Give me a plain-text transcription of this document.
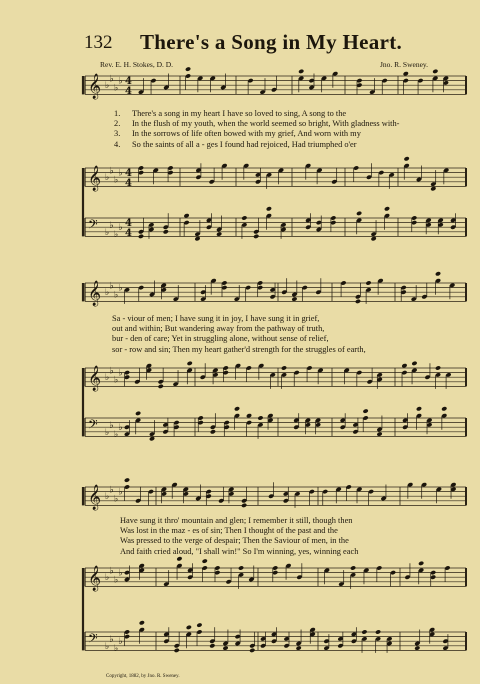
132 There's a Song in My Heart.
Rev. E. H. Stokes, D. D.	Jno. R. Sweney.
𝄞 ♭
♭
♭
♭ 4
4
𝄞 ♭
♭
♭
♭ 4
4
𝄢 ♭
♭
♭
♭ 4
4
𝄞 ♭
♭
♭
♭
𝄞 ♭
♭
♭
♭
𝄢 ♭
♭
♭
♭
𝄞 ♭
♭
♭
♭
𝄞 ♭
♭
♭
♭
𝄢 ♭
♭
♭
♭
1. There's a song in my heart I have so loved to sing, A song to the
2. In the flush of my youth, when the world seemed so bright, With gladness with-
3. In the sorrows of life often bowed with my grief, And worn with my
4. So the saints of all a - ges I found had rejoiced, Had triumphed o'er
Sa - viour of men; I have sung it in joy, I have sung it in grief,
out and within; But wandering away from the pathway of truth,
bur - den of care; Yet in struggling alone, without sense of relief,
sor - row and sin; Then my heart gather'd strength for the struggles of earth,
Have sung it thro' mountain and glen; I remember it still, though then
Was lost in the maz - es of sin; Then I thought of the past and the
Was pressed to the verge of despair; Then the Saviour of men, in the
And faith cried aloud, "I shall win!" So I'm winning, yes, winning each
Copyright, 1882, by Jno. R. Sweney.
